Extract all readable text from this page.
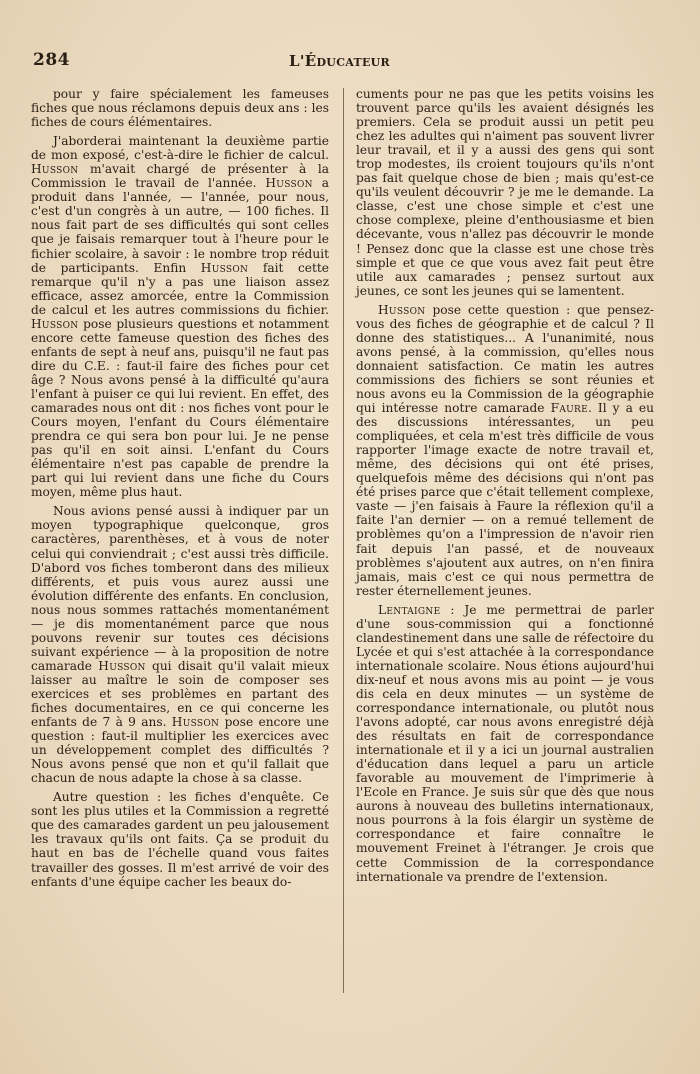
284	L'Éducateur

pour y faire spécialement les fameuses fiches que nous réclamons depuis deux ans : les fiches de cours élémentaires.

J'aborderai maintenant la deuxième partie de mon exposé, c'est-à-dire le fichier de calcul. Husson m'avait chargé de présenter à la Commission le travail de l'année. Husson a produit dans l'année, — l'année, pour nous, c'est d'un congrès à un autre, — 100 fiches. Il nous fait part de ses difficultés qui sont celles que je faisais remarquer tout à l'heure pour le fichier scolaire, à savoir : le nombre trop réduit de participants. Enfin Husson fait cette remarque qu'il n'y a pas une liaison assez efficace, assez amorcée, entre la Commission de calcul et les autres commissions du fichier. Husson pose plusieurs questions et notamment encore cette fameuse question des fiches des enfants de sept à neuf ans, puisqu'il ne faut pas dire du C.E. : faut-il faire des fiches pour cet âge ? Nous avons pensé à la difficulté qu'aura l'enfant à puiser ce qui lui revient. En effet, des camarades nous ont dit : nos fiches vont pour le Cours moyen, l'enfant du Cours élémentaire prendra ce qui sera bon pour lui. Je ne pense pas qu'il en soit ainsi. L'enfant du Cours élémentaire n'est pas capable de prendre la part qui lui revient dans une fiche du Cours moyen, même plus haut.

Nous avions pensé aussi à indiquer par un moyen typographique quelconque, gros caractères, parenthèses, et à vous de noter celui qui conviendrait ; c'est aussi très difficile. D'abord vos fiches tomberont dans des milieux différents, et puis vous aurez aussi une évolution différente des enfants. En conclusion, nous nous sommes rattachés momentanément — je dis momentanément parce que nous pouvons revenir sur toutes ces décisions suivant expérience — à la proposition de notre camarade Husson qui disait qu'il valait mieux laisser au maître le soin de composer ses exercices et ses problèmes en partant des fiches documentaires, en ce qui concerne les enfants de 7 à 9 ans. Husson pose encore une question : faut-il multiplier les exercices avec un développement complet des difficultés ? Nous avons pensé que non et qu'il fallait que chacun de nous adapte la chose à sa classe.

Autre question : les fiches d'enquête. Ce sont les plus utiles et la Commission a regretté que des camarades gardent un peu jalousement les travaux qu'ils ont faits. Ça se produit du haut en bas de l'échelle quand vous faites travailler des gosses. Il m'est arrivé de voir des enfants d'une équipe cacher les beaux do-

cuments pour ne pas que les petits voisins les trouvent parce qu'ils les avaient désignés les premiers. Cela se produit aussi un petit peu chez les adultes qui n'aiment pas souvent livrer leur travail, et il y a aussi des gens qui sont trop modestes, ils croient toujours qu'ils n'ont pas fait quelque chose de bien ; mais qu'est-ce qu'ils veulent découvrir ? je me le demande. La classe, c'est une chose simple et c'est une chose complexe, pleine d'enthousiasme et bien décevante, vous n'allez pas découvrir le monde ! Pensez donc que la classe est une chose très simple et que ce que vous avez fait peut être utile aux camarades ; pensez surtout aux jeunes, ce sont les jeunes qui se lamentent.

Husson pose cette question : que pensez-vous des fiches de géographie et de calcul ? Il donne des statistiques... A l'unanimité, nous avons pensé, à la commission, qu'elles nous donnaient satisfaction. Ce matin les autres commissions des fichiers se sont réunies et nous avons eu la Commission de la géographie qui intéresse notre camarade Faure. Il y a eu des discussions intéressantes, un peu compliquées, et cela m'est très difficile de vous rapporter l'image exacte de notre travail et, même, des décisions qui ont été prises, quelquefois même des décisions qui n'ont pas été prises parce que c'était tellement complexe, vaste — j'en faisais à Faure la réflexion qu'il a faite l'an dernier — on a remué tellement de problèmes qu'on a l'impression de n'avoir rien fait depuis l'an passé, et de nouveaux problèmes s'ajoutent aux autres, on n'en finira jamais, mais c'est ce qui nous permettra de rester éternellement jeunes.

Lentaigne : Je me permettrai de parler d'une sous-commission qui a fonctionné clandestinement dans une salle de réfectoire du Lycée et qui s'est attachée à la correspondance internationale scolaire. Nous étions aujourd'hui dix-neuf et nous avons mis au point — je vous dis cela en deux minutes — un système de correspondance internationale, ou plutôt nous l'avons adopté, car nous avons enregistré déjà des résultats en fait de correspondance internationale et il y a ici un journal australien d'éducation dans lequel a paru un article favorable au mouvement de l'imprimerie à l'Ecole en France. Je suis sûr que dès que nous aurons à nouveau des bulletins internationaux, nous pourrons à la fois élargir un système de correspondance et faire connaître le mouvement Freinet à l'étranger. Je crois que cette Commission de la correspondance internationale va prendre de l'extension.
